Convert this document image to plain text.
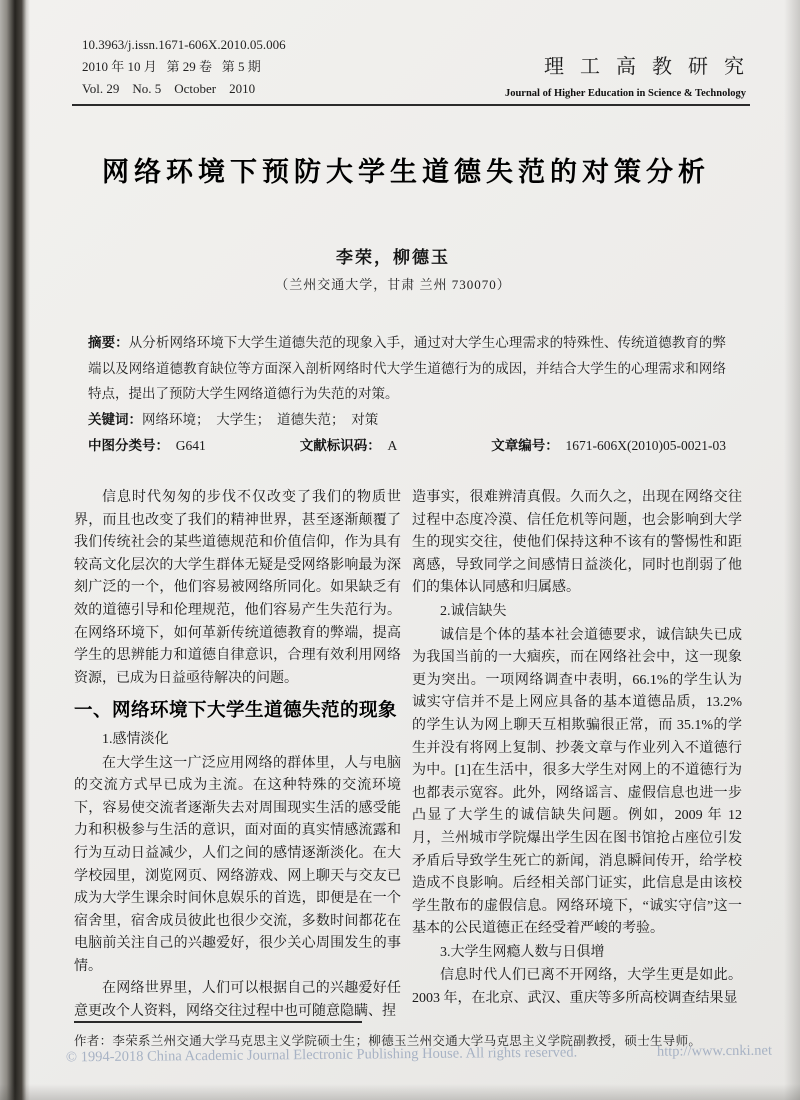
10.3963/j.issn.1671-606X.2010.05.006
2010 年 10 月   第 29 卷   第 5 期
Vol. 29    No. 5    October    2010
理  工  高  教  研  究
Journal of Higher Education in Science & Technology
网络环境下预防大学生道德失范的对策分析
李荣，柳德玉
（兰州交通大学，甘肃 兰州 730070）
摘要：从分析网络环境下大学生道德失范的现象入手，通过对大学生心理需求的特殊性、传统道德教育的弊端以及网络道德教育缺位等方面深入剖析网络时代大学生道德行为的成因，并结合大学生的心理需求和网络特点，提出了预防大学生网络道德行为失范的对策。
关键词：网络环境；　大学生；　道德失范；　对策
中图分类号：　 G641	文献标识码：　 A	文章编号：　 1671-606X(2010)05-0021-03

信息时代匆匆的步伐不仅改变了我们的物质世界，而且也改变了我们的精神世界，甚至逐渐颠覆了我们传统社会的某些道德规范和价值信仰，作为具有较高文化层次的大学生群体无疑是受网络影响最为深刻广泛的一个，他们容易被网络所同化。如果缺乏有效的道德引导和伦理规范，他们容易产生失范行为。在网络环境下，如何革新传统道德教育的弊端，提高学生的思辨能力和道德自律意识，合理有效利用网络资源，已成为日益亟待解决的问题。

一、网络环境下大学生道德失范的现象
1.感情淡化

在大学生这一广泛应用网络的群体里，人与电脑的交流方式早已成为主流。在这种特殊的交流环境下，容易使交流者逐渐失去对周围现实生活的感受能力和积极参与生活的意识，面对面的真实情感流露和行为互动日益减少，人们之间的感情逐渐淡化。在大学校园里，浏览网页、网络游戏、网上聊天与交友已成为大学生课余时间休息娱乐的首选，即便是在一个宿舍里，宿舍成员彼此也很少交流，多数时间都花在电脑前关注自己的兴趣爱好，很少关心周围发生的事情。

在网络世界里，人们可以根据自己的兴趣爱好任意更改个人资料，网络交往过程中也可随意隐瞒、捏

造事实，很难辨清真假。久而久之，出现在网络交往过程中态度冷漠、信任危机等问题，也会影响到大学生的现实交往，使他们保持这种不该有的警惕性和距离感，导致同学之间感情日益淡化，同时也削弱了他们的集体认同感和归属感。

2.诚信缺失

诚信是个体的基本社会道德要求，诚信缺失已成为我国当前的一大痼疾，而在网络社会中，这一现象更为突出。一项网络调查中表明，66.1%的学生认为诚实守信并不是上网应具备的基本道德品质，13.2%的学生认为网上聊天互相欺骗很正常，而 35.1%的学生并没有将网上复制、抄袭文章与作业列入不道德行为中。[1]在生活中，很多大学生对网上的不道德行为也都表示宽容。此外，网络谣言、虚假信息也进一步凸显了大学生的诚信缺失问题。例如，2009 年 12 月，兰州城市学院爆出学生因在图书馆抢占座位引发矛盾后导致学生死亡的新闻，消息瞬间传开，给学校造成不良影响。后经相关部门证实，此信息是由该校学生散布的虚假信息。网络环境下，“诚实守信”这一基本的公民道德正在经受着严峻的考验。

3.大学生网瘾人数与日俱增

信息时代人们已离不开网络，大学生更是如此。2003 年，在北京、武汉、重庆等多所高校调查结果显

作者：李荣系兰州交通大学马克思主义学院硕士生；柳德玉兰州交通大学马克思主义学院副教授，硕士生导师。
© 1994-2018 China Academic Journal Electronic Publishing House. All rights reserved.	http://www.cnki.net
